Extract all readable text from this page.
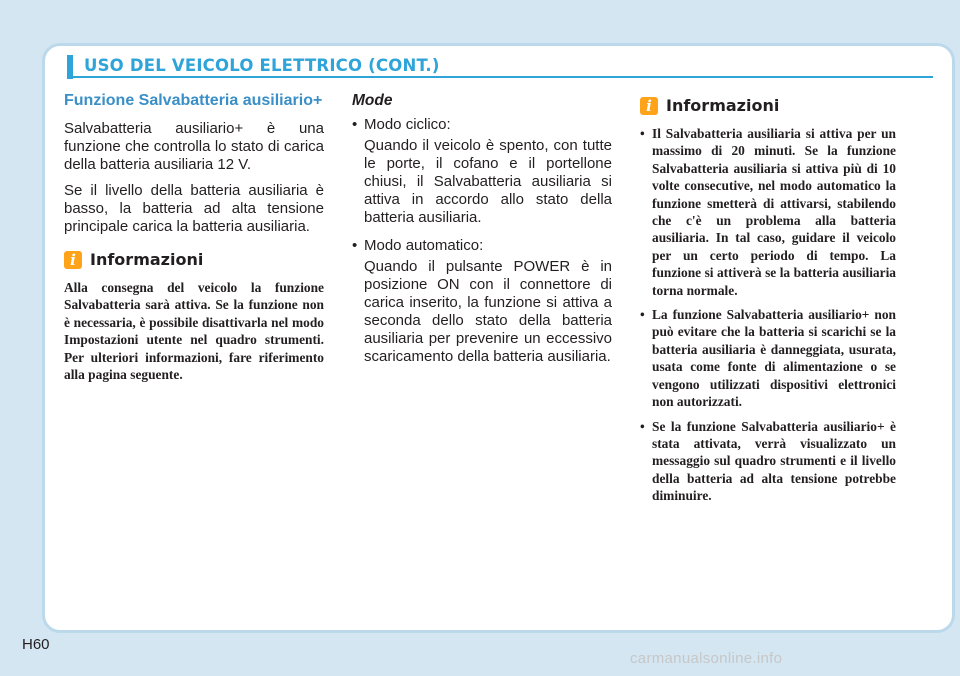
USO DEL VEICOLO ELETTRICO (CONT.)
Funzione Salvabatteria ausiliario+

Salvabatteria ausiliario+ è una funzione che controlla lo stato di carica della batteria ausiliaria 12 V.

Se il livello della batteria ausiliaria è basso, la batteria ad alta tensione principale carica la batteria ausiliaria.

i Informazioni

Alla consegna del veicolo la funzione Salvabatteria sarà attiva. Se la funzione non è necessaria, è possibile disattivarla nel modo Impostazioni utente nel quadro strumenti. Per ulteriori informazioni, fare riferimento alla pagina seguente.

Mode
• Modo ciclico:
Quando il veicolo è spento, con tutte le porte, il cofano e il portellone chiusi, il Salvabatteria ausiliaria si attiva in accordo allo stato della batteria ausiliaria.
• Modo automatico:
Quando il pulsante POWER è in posizione ON con il connettore di carica inserito, la funzione si attiva a seconda dello stato della batteria ausiliaria per prevenire un eccessivo scaricamento della batteria ausiliaria.
i Informazioni

• Il Salvabatteria ausiliaria si attiva per un massimo di 20 minuti. Se la funzione Salvabatteria ausiliaria si attiva più di 10 volte consecutive, nel modo automatico la funzione smetterà di attivarsi, stabilendo che c'è un problema alla batteria ausiliaria. In tal caso, guidare il veicolo per un certo periodo di tempo. La funzione si attiverà se la batteria ausiliaria torna normale.

• La funzione Salvabatteria ausiliario+ non può evitare che la batteria si scarichi se la batteria ausiliaria è danneggiata, usurata, usata come fonte di alimentazione o se vengono utilizzati dispositivi elettronici non autorizzati.

• Se la funzione Salvabatteria ausiliario+ è stata attivata, verrà visualizzato un messaggio sul quadro strumenti e il livello della batteria ad alta tensione potrebbe diminuire.

H60
carmanualsonline.info
